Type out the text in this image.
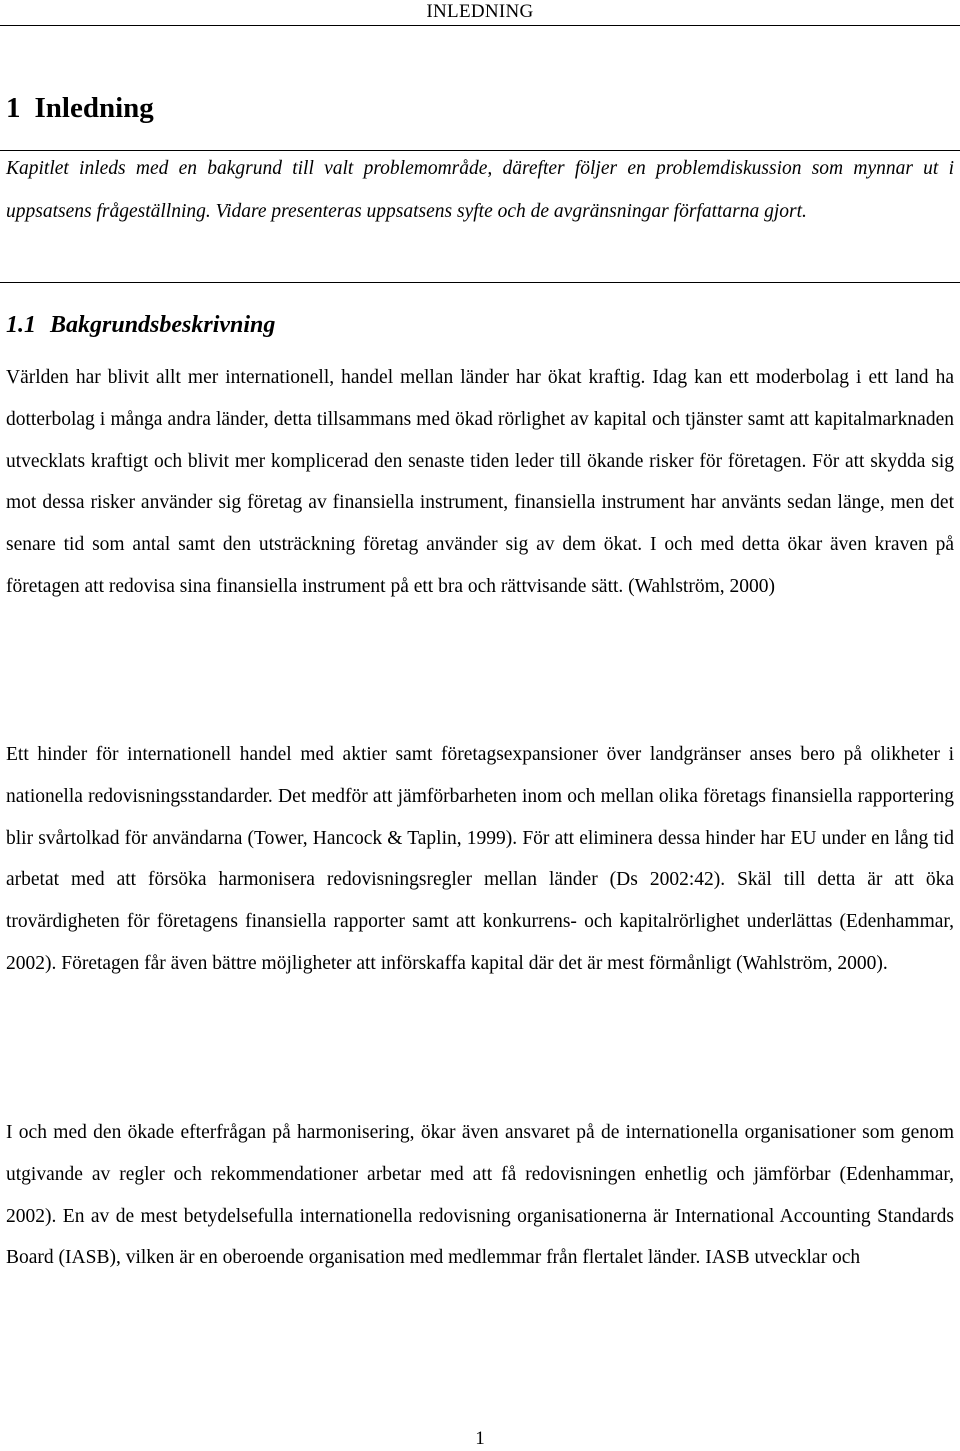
INLEDNING
1 Inledning

Kapitlet inleds med en bakgrund till valt problemområde, därefter följer en problemdiskussion som mynnar ut i uppsatsens frågeställning. Vidare presenteras uppsatsens syfte och de avgränsningar författarna gjort.

1.1 Bakgrundsbeskrivning

Världen har blivit allt mer internationell, handel mellan länder har ökat kraftig. Idag kan ett moderbolag i ett land ha dotterbolag i många andra länder, detta tillsammans med ökad rörlighet av kapital och tjänster samt att kapitalmarknaden utvecklats kraftigt och blivit mer komplicerad den senaste tiden leder till ökande risker för företagen. För att skydda sig mot dessa risker använder sig företag av finansiella instrument, finansiella instrument har använts sedan länge, men det senare tid som antal samt den utsträckning företag använder sig av dem ökat. I och med detta ökar även kraven på företagen att redovisa sina finansiella instrument på ett bra och rättvisande sätt. (Wahlström, 2000)

Ett hinder för internationell handel med aktier samt företagsexpansioner över landgränser anses bero på olikheter i nationella redovisningsstandarder. Det medför att jämförbarheten inom och mellan olika företags finansiella rapportering blir svårtolkad för användarna (Tower, Hancock & Taplin, 1999). För att eliminera dessa hinder har EU under en lång tid arbetat med att försöka harmonisera redovisningsregler mellan länder (Ds 2002:42). Skäl till detta är att öka trovärdigheten för företagens finansiella rapporter samt att konkurrens- och kapitalrörlighet underlättas (Edenhammar, 2002). Företagen får även bättre möjligheter att införskaffa kapital där det är mest förmånligt (Wahlström, 2000).

I och med den ökade efterfrågan på harmonisering, ökar även ansvaret på de internationella organisationer som genom utgivande av regler och rekommendationer arbetar med att få redovisningen enhetlig och jämförbar (Edenhammar, 2002). En av de mest betydelsefulla internationella redovisning organisationerna är International Accounting Standards Board (IASB), vilken är en oberoende organisation med medlemmar från flertalet länder. IASB utvecklar och

1
